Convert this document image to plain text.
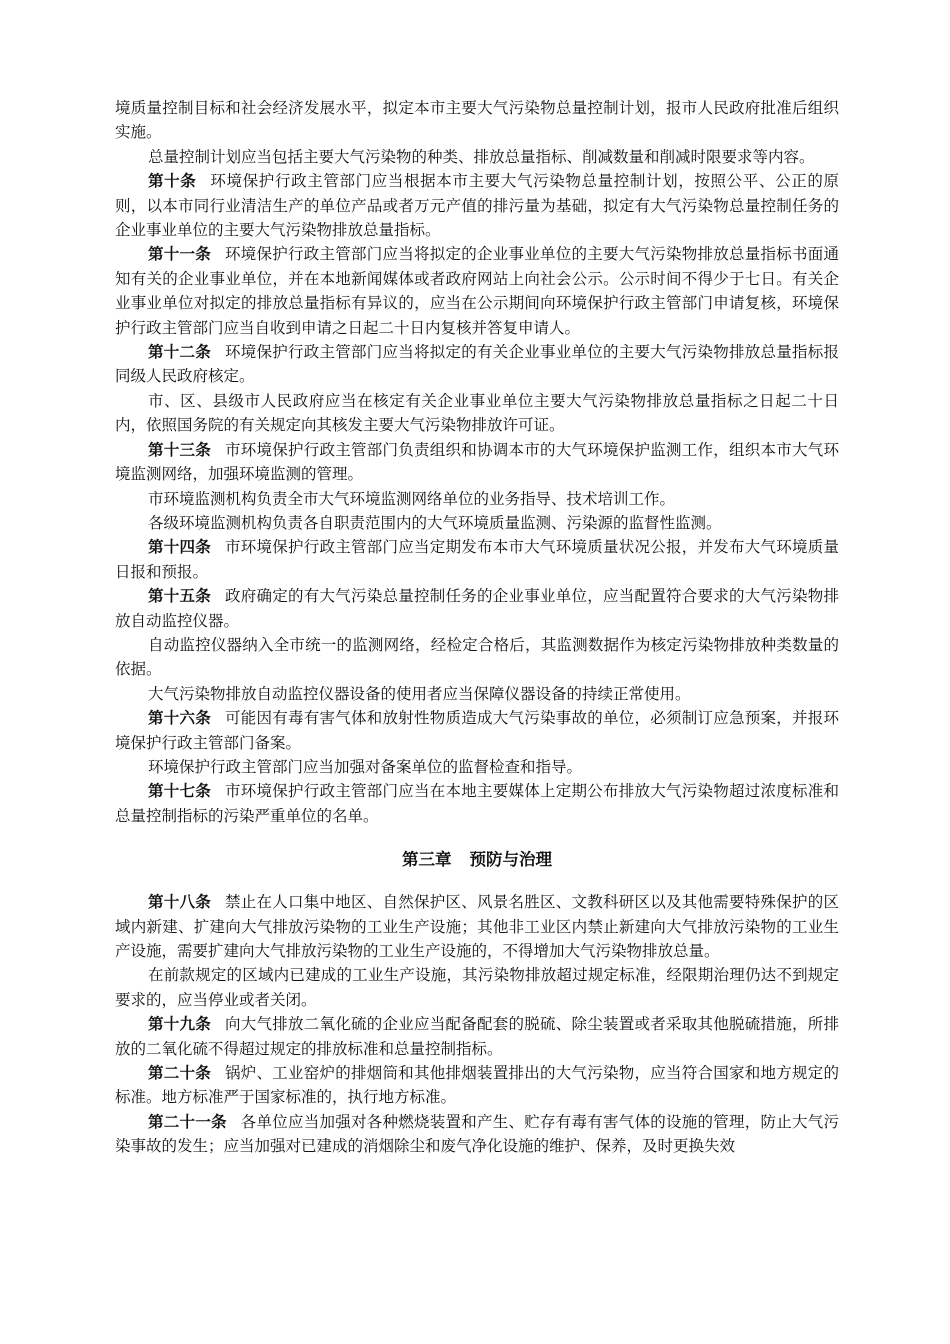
境质量控制目标和社会经济发展水平，拟定本市主要大气污染物总量控制计划，报市人民政府批准后组织实施。

总量控制计划应当包括主要大气污染物的种类、排放总量指标、削减数量和削减时限要求等内容。

第十条 环境保护行政主管部门应当根据本市主要大气污染物总量控制计划，按照公平、公正的原则，以本市同行业清洁生产的单位产品或者万元产值的排污量为基础，拟定有大气污染物总量控制任务的企业事业单位的主要大气污染物排放总量指标。

第十一条 环境保护行政主管部门应当将拟定的企业事业单位的主要大气污染物排放总量指标书面通知有关的企业事业单位，并在本地新闻媒体或者政府网站上向社会公示。公示时间不得少于七日。有关企业事业单位对拟定的排放总量指标有异议的，应当在公示期间向环境保护行政主管部门申请复核，环境保护行政主管部门应当自收到申请之日起二十日内复核并答复申请人。

第十二条 环境保护行政主管部门应当将拟定的有关企业事业单位的主要大气污染物排放总量指标报同级人民政府核定。

市、区、县级市人民政府应当在核定有关企业事业单位主要大气污染物排放总量指标之日起二十日内，依照国务院的有关规定向其核发主要大气污染物排放许可证。

第十三条 市环境保护行政主管部门负责组织和协调本市的大气环境保护监测工作，组织本市大气环境监测网络，加强环境监测的管理。

市环境监测机构负责全市大气环境监测网络单位的业务指导、技术培训工作。

各级环境监测机构负责各自职责范围内的大气环境质量监测、污染源的监督性监测。

第十四条 市环境保护行政主管部门应当定期发布本市大气环境质量状况公报，并发布大气环境质量日报和预报。

第十五条 政府确定的有大气污染总量控制任务的企业事业单位，应当配置符合要求的大气污染物排放自动监控仪器。

自动监控仪器纳入全市统一的监测网络，经检定合格后，其监测数据作为核定污染物排放种类数量的依据。

大气污染物排放自动监控仪器设备的使用者应当保障仪器设备的持续正常使用。

第十六条 可能因有毒有害气体和放射性物质造成大气污染事故的单位，必须制订应急预案，并报环境保护行政主管部门备案。

环境保护行政主管部门应当加强对备案单位的监督检查和指导。

第十七条 市环境保护行政主管部门应当在本地主要媒体上定期公布排放大气污染物超过浓度标准和总量控制指标的污染严重单位的名单。

第三章 预防与治理

第十八条 禁止在人口集中地区、自然保护区、风景名胜区、文教科研区以及其他需要特殊保护的区域内新建、扩建向大气排放污染物的工业生产设施；其他非工业区内禁止新建向大气排放污染物的工业生产设施，需要扩建向大气排放污染物的工业生产设施的，不得增加大气污染物排放总量。

在前款规定的区域内已建成的工业生产设施，其污染物排放超过规定标准，经限期治理仍达不到规定要求的，应当停业或者关闭。

第十九条 向大气排放二氧化硫的企业应当配备配套的脱硫、除尘装置或者采取其他脱硫措施，所排放的二氧化硫不得超过规定的排放标准和总量控制指标。

第二十条 锅炉、工业窑炉的排烟筒和其他排烟装置排出的大气污染物，应当符合国家和地方规定的标准。地方标准严于国家标准的，执行地方标准。

第二十一条 各单位应当加强对各种燃烧装置和产生、贮存有毒有害气体的设施的管理，防止大气污染事故的发生；应当加强对已建成的消烟除尘和废气净化设施的维护、保养，及时更换失效
